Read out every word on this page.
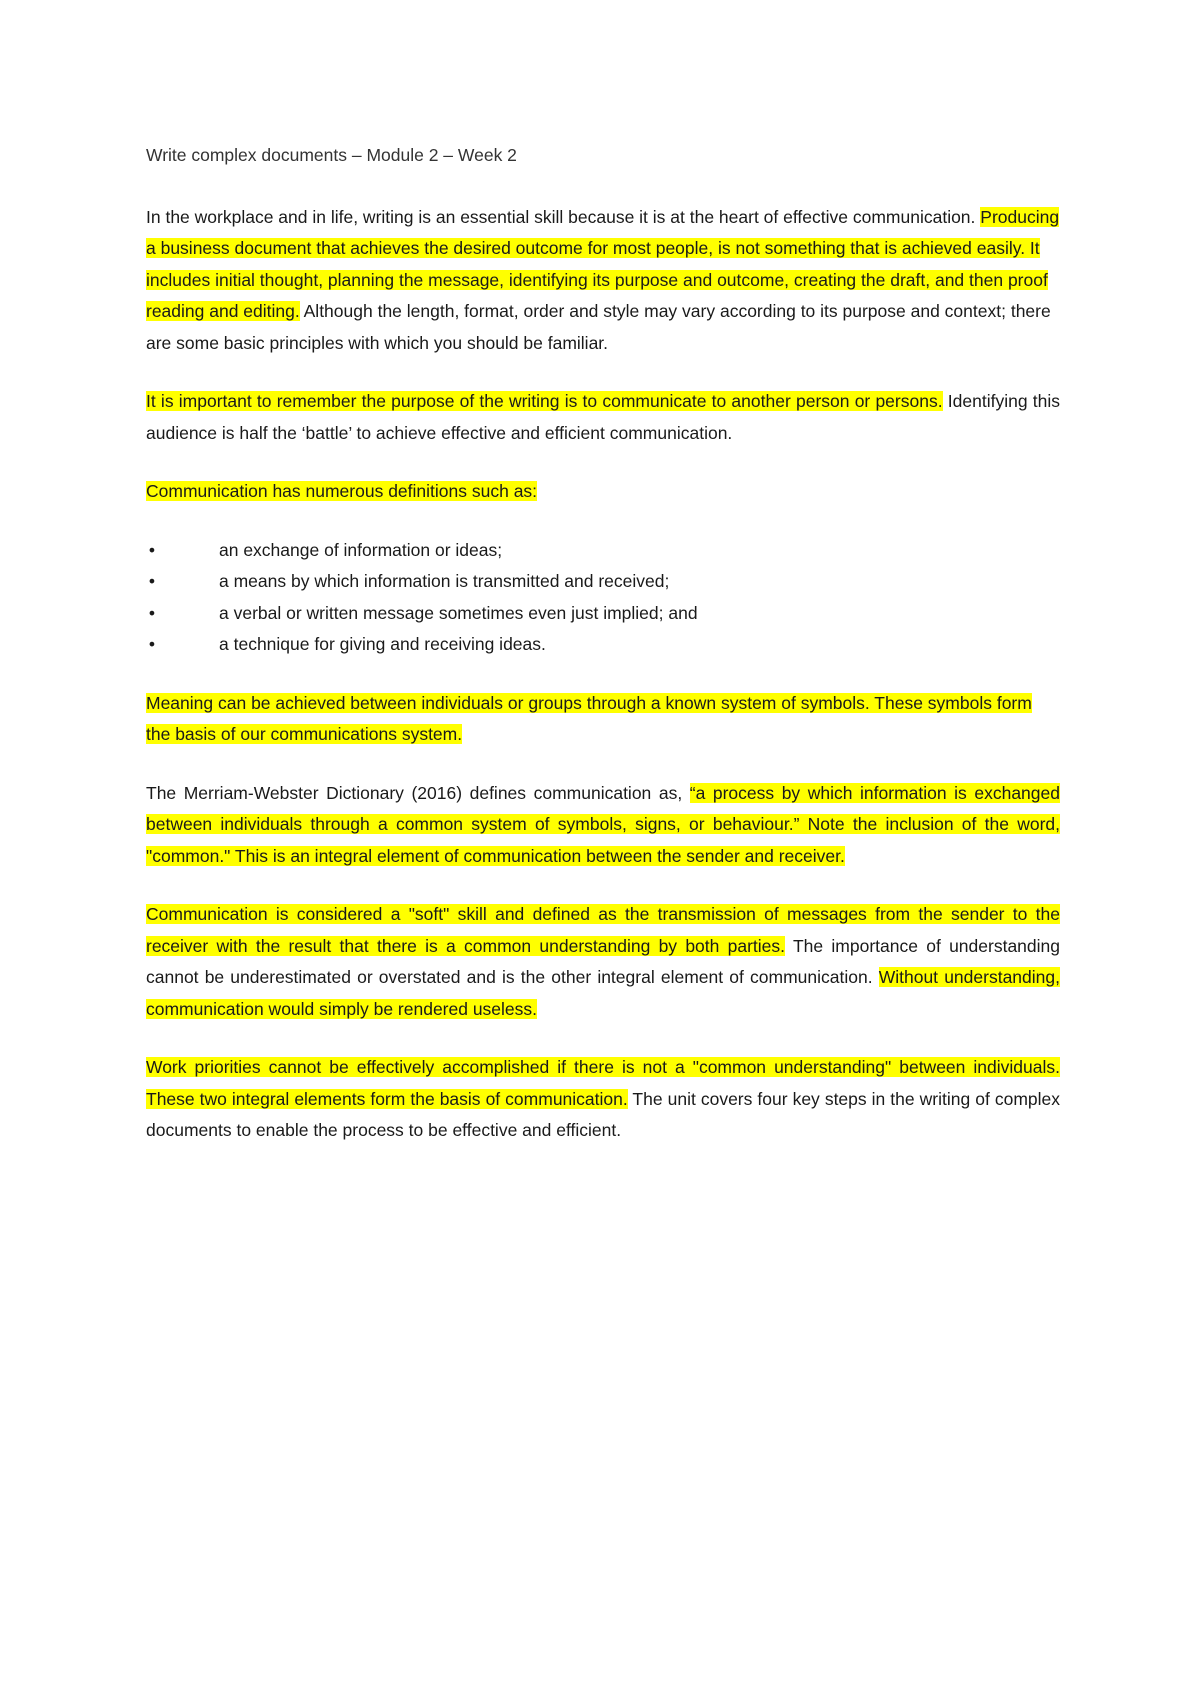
Write complex documents – Module 2 – Week 2

In the workplace and in life, writing is an essential skill because it is at the heart of effective communication. Producing a business document that achieves the desired outcome for most people, is not something that is achieved easily. It includes initial thought, planning the message, identifying its purpose and outcome, creating the draft, and then proof reading and editing. Although the length, format, order and style may vary according to its purpose and context; there are some basic principles with which you should be familiar.

It is important to remember the purpose of the writing is to communicate to another person or persons. Identifying this audience is half the ‘battle’ to achieve effective and efficient communication.

Communication has numerous definitions such as:

•	an exchange of information or ideas;
•	a means by which information is transmitted and received;
•	a verbal or written message sometimes even just implied; and
•	a technique for giving and receiving ideas.

Meaning can be achieved between individuals or groups through a known system of symbols. These symbols form the basis of our communications system.

The Merriam-Webster Dictionary (2016) defines communication as, “a process by which information is exchanged between individuals through a common system of symbols, signs, or behaviour.” Note the inclusion of the word, "common." This is an integral element of communication between the sender and receiver.

Communication is considered a "soft" skill and defined as the transmission of messages from the sender to the receiver with the result that there is a common understanding by both parties. The importance of understanding cannot be underestimated or overstated and is the other integral element of communication. Without understanding, communication would simply be rendered useless.

Work priorities cannot be effectively accomplished if there is not a "common understanding" between individuals. These two integral elements form the basis of communication. The unit covers four key steps in the writing of complex documents to enable the process to be effective and efficient.
